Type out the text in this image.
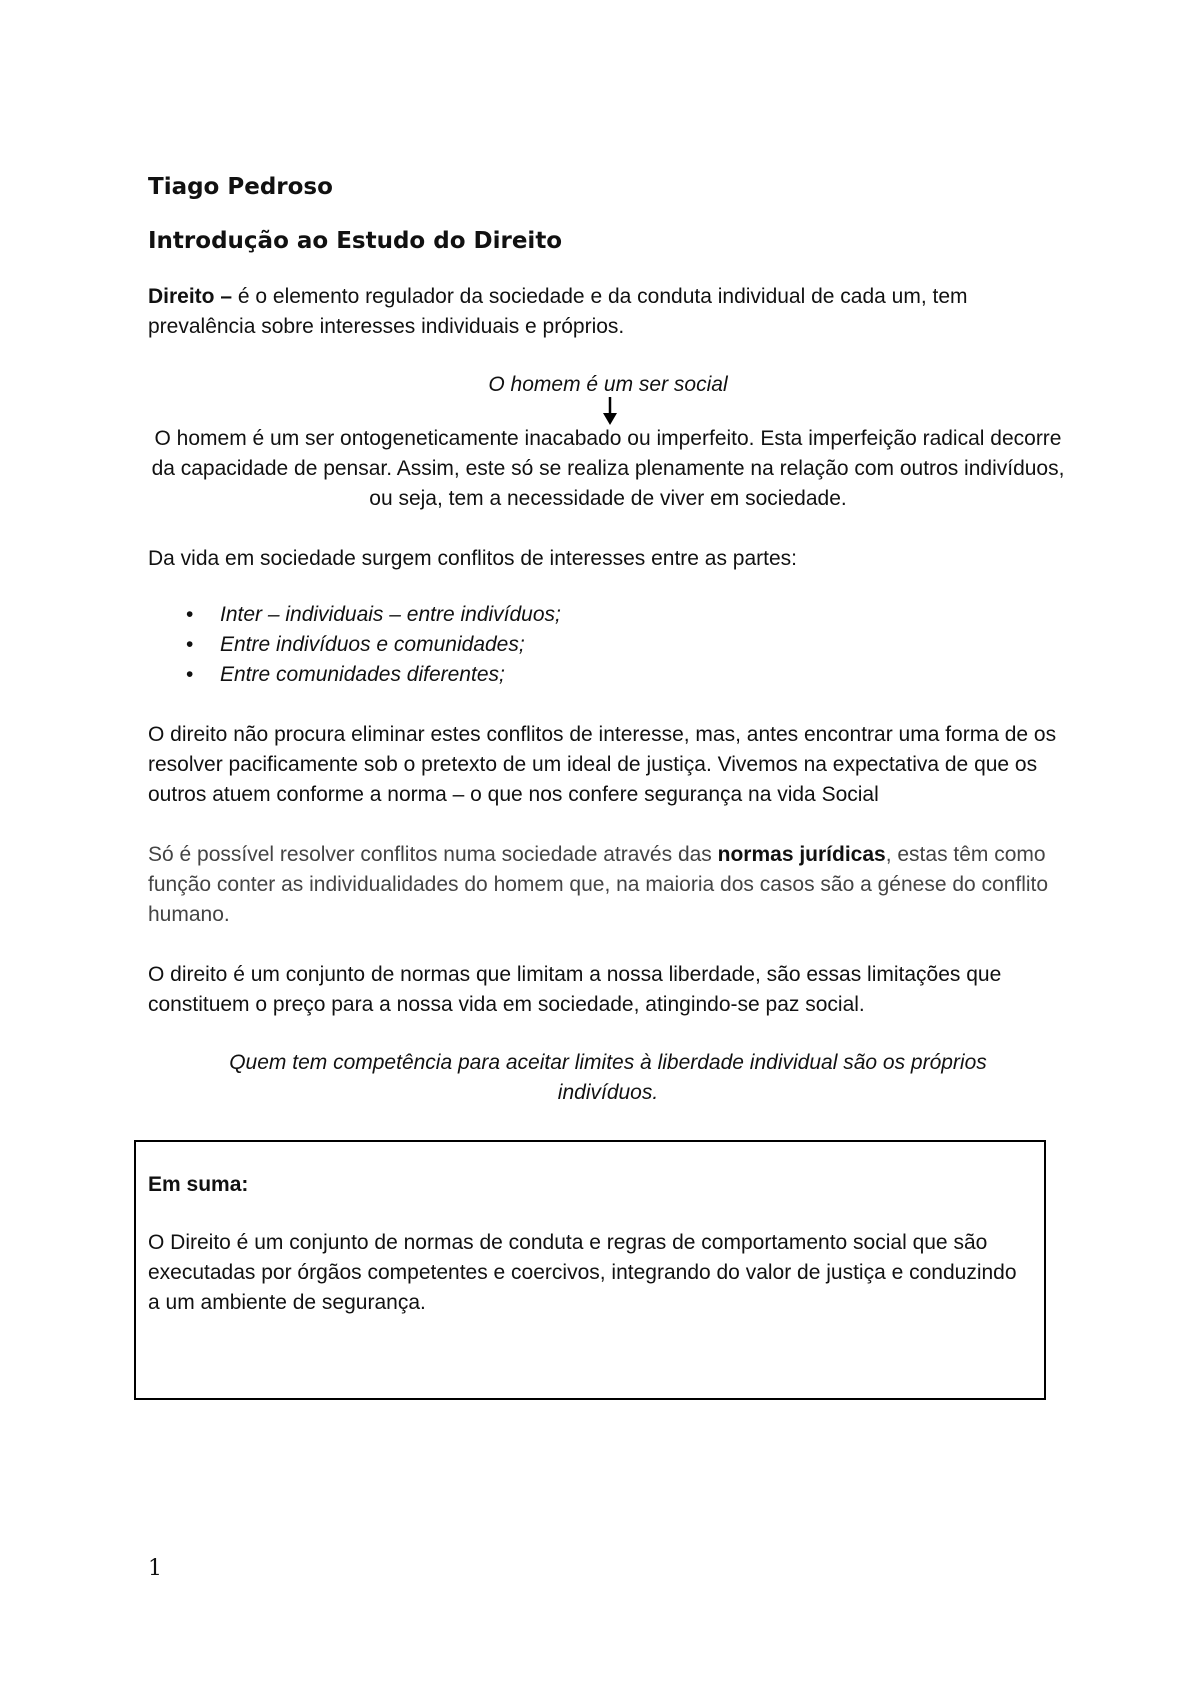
Tiago Pedroso
Introdução ao Estudo do Direito

Direito – é o elemento regulador da sociedade e da conduta individual de cada um, tem prevalência sobre interesses individuais e próprios.

O homem é um ser social

O homem é um ser ontogeneticamente inacabado ou imperfeito. Esta imperfeição radical decorre da capacidade de pensar. Assim, este só se realiza plenamente na relação com outros indivíduos, ou seja, tem a necessidade de viver em sociedade.

Da vida em sociedade surgem conflitos de interesses entre as partes:

• Inter – individuais – entre indivíduos;
• Entre indivíduos e comunidades;
• Entre comunidades diferentes;

O direito não procura eliminar estes conflitos de interesse, mas, antes encontrar uma forma de os resolver pacificamente sob o pretexto de um ideal de justiça. Vivemos na expectativa de que os outros atuem conforme a norma – o que nos confere segurança na vida Social

Só é possível resolver conflitos numa sociedade através das normas jurídicas, estas têm como função conter as individualidades do homem que, na maioria dos casos são a génese do conflito humano.

O direito é um conjunto de normas que limitam a nossa liberdade, são essas limitações que constituem o preço para a nossa vida em sociedade, atingindo-se paz social.

Quem tem competência para aceitar limites à liberdade individual são os próprios indivíduos.

Em suma:

O Direito é um conjunto de normas de conduta e regras de comportamento social que são executadas por órgãos competentes e coercivos, integrando do valor de justiça e conduzindo a um ambiente de segurança.

1
